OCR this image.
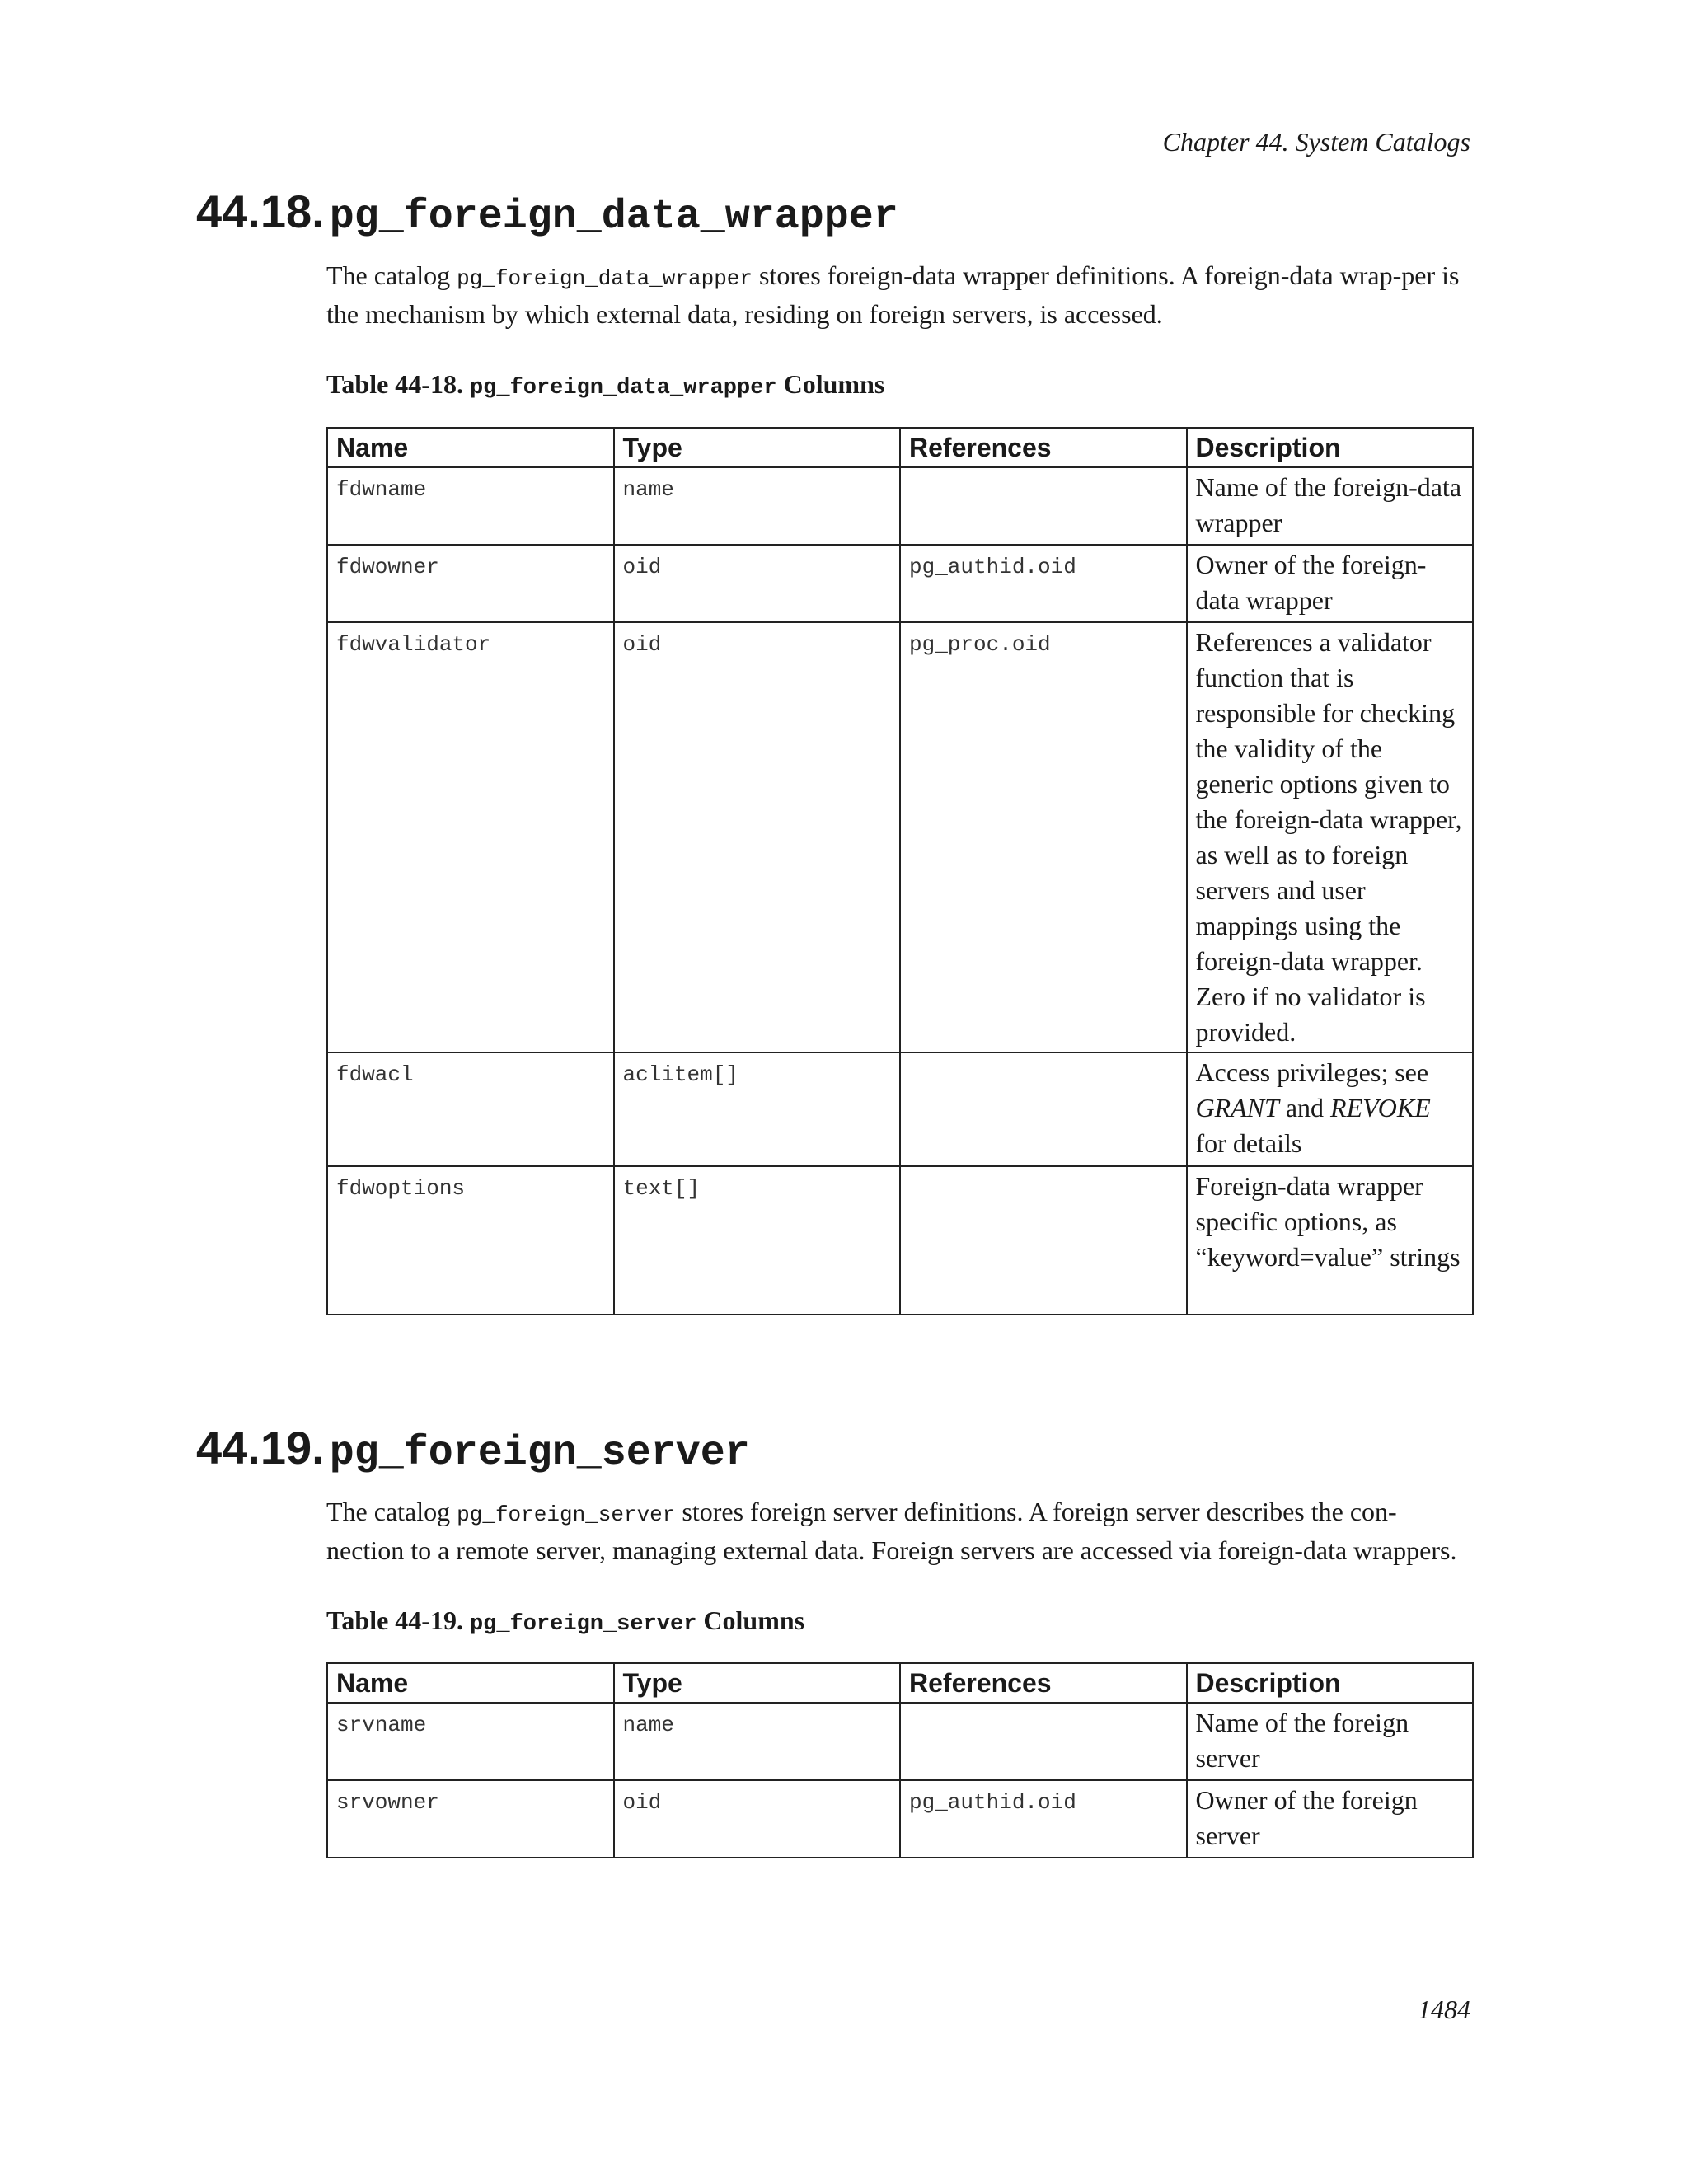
Chapter 44. System Catalogs
44.18. pg_foreign_data_wrapper

The catalog pg_foreign_data_wrapper stores foreign-data wrapper definitions. A foreign-data wrap-per is the mechanism by which external data, residing on foreign servers, is accessed.

Table 44-18. pg_foreign_data_wrapper Columns

Name	Type	References	Description
fdwname	name		Name of the foreign-data wrapper
fdwowner	oid	pg_authid.oid	Owner of the foreign-data wrapper
fdwvalidator	oid	pg_proc.oid	References a validator function that is responsible for checking the validity of the generic options given to the foreign-data wrapper, as well as to foreign servers and user mappings using the foreign-data wrapper. Zero if no validator is provided.
fdwacl	aclitem[]		Access privileges; see GRANT and REVOKE for details
fdwoptions	text[]		Foreign-data wrapper specific options, as “keyword=value” strings
44.19. pg_foreign_server

The catalog pg_foreign_server stores foreign server definitions. A foreign server describes the con-nection to a remote server, managing external data. Foreign servers are accessed via foreign-data wrappers.

Table 44-19. pg_foreign_server Columns

Name	Type	References	Description
srvname	name		Name of the foreign server
srvowner	oid	pg_authid.oid	Owner of the foreign server
1484
